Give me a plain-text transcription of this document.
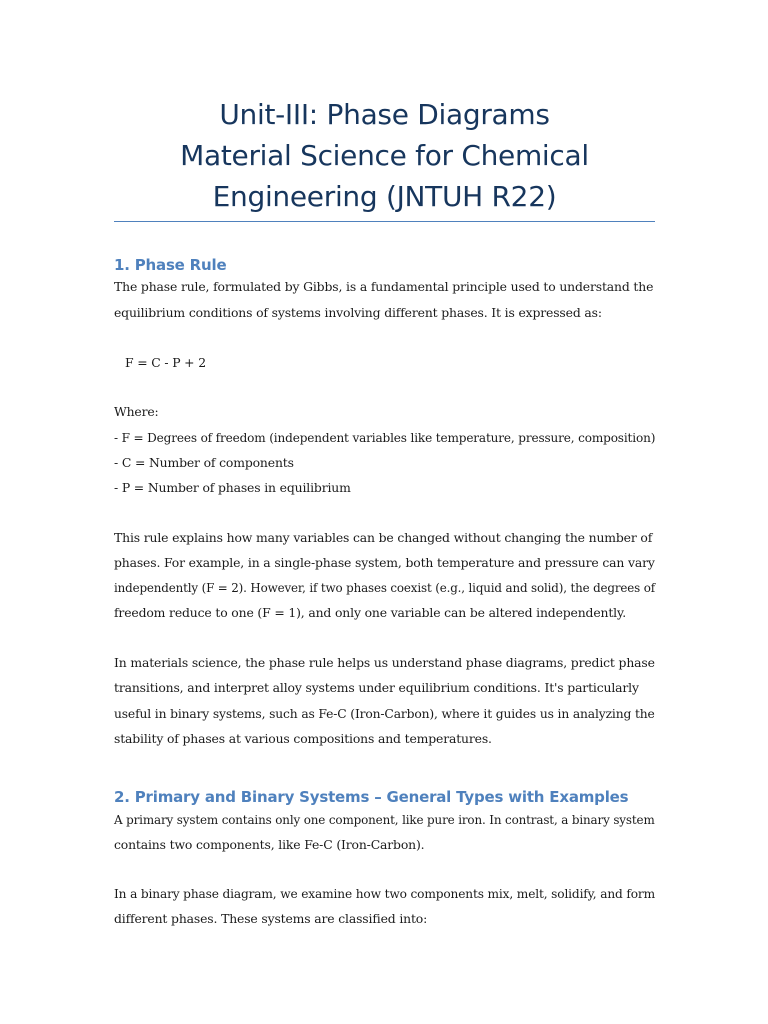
Unit-III: Phase Diagrams
Material Science for Chemical
Engineering (JNTUH R22)
1. Phase Rule
The phase rule, formulated by Gibbs, is a fundamental principle used to understand the
equilibrium conditions of systems involving different phases. It is expressed as:
F = C - P + 2
Where:
- F = Degrees of freedom (independent variables like temperature, pressure, composition)
- C = Number of components
- P = Number of phases in equilibrium
This rule explains how many variables can be changed without changing the number of
phases. For example, in a single-phase system, both temperature and pressure can vary
independently (F = 2). However, if two phases coexist (e.g., liquid and solid), the degrees of
freedom reduce to one (F = 1), and only one variable can be altered independently.
In materials science, the phase rule helps us understand phase diagrams, predict phase
transitions, and interpret alloy systems under equilibrium conditions. It's particularly
useful in binary systems, such as Fe-C (Iron-Carbon), where it guides us in analyzing the
stability of phases at various compositions and temperatures.
2. Primary and Binary Systems – General Types with Examples
A primary system contains only one component, like pure iron. In contrast, a binary system
contains two components, like Fe-C (Iron-Carbon).
In a binary phase diagram, we examine how two components mix, melt, solidify, and form
different phases. These systems are classified into:
